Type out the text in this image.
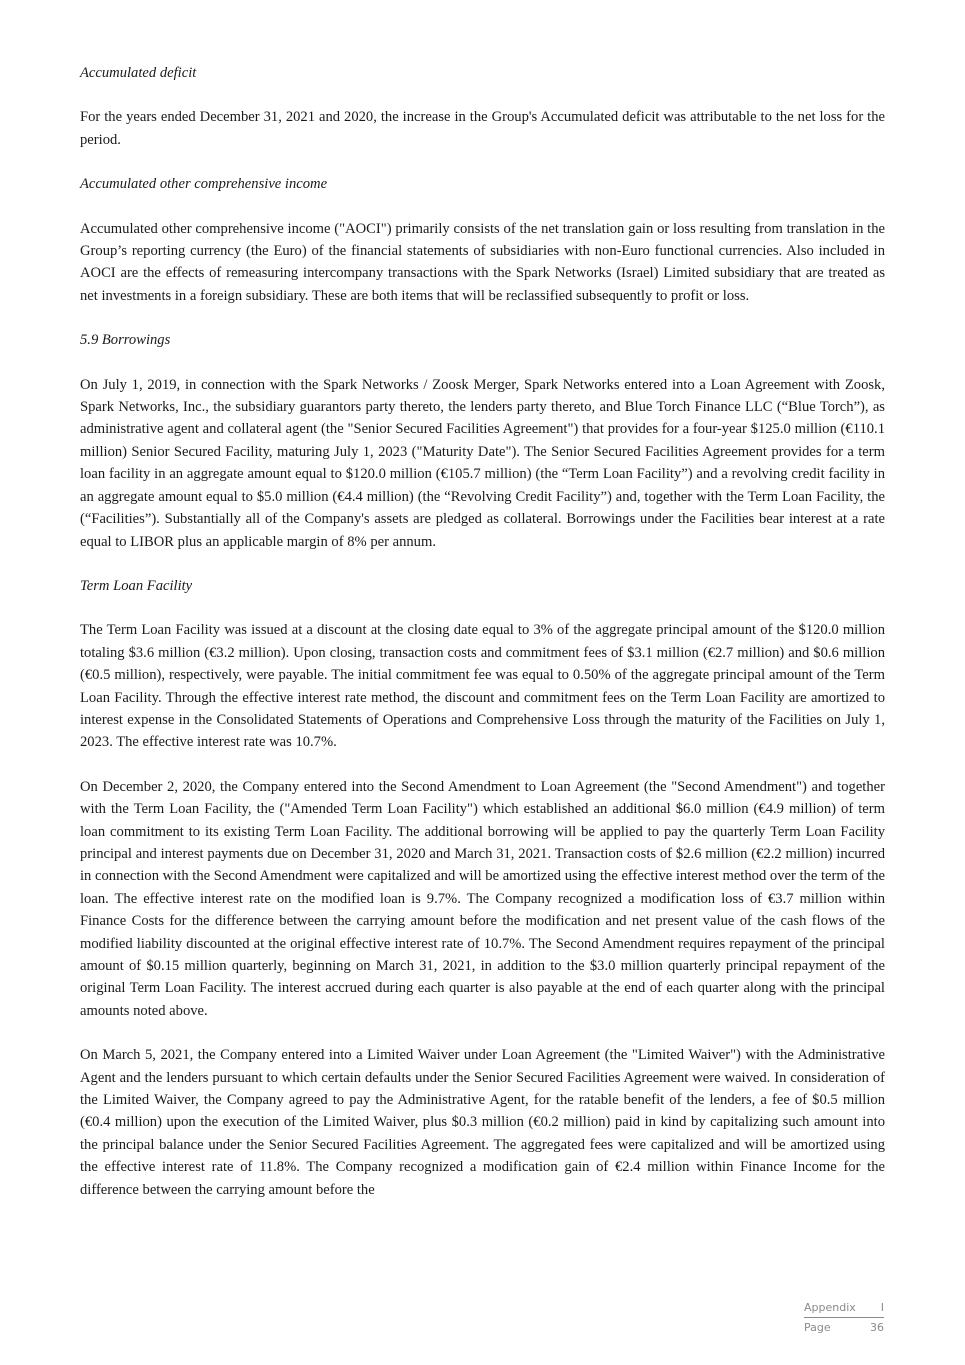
Accumulated deficit

For the years ended December 31, 2021 and 2020, the increase in the Group's Accumulated deficit was attributable to the net loss for the period.

Accumulated other comprehensive income

Accumulated other comprehensive income ("AOCI") primarily consists of the net translation gain or loss resulting from translation in the Group’s reporting currency (the Euro) of the financial statements of subsidiaries with non-Euro functional currencies. Also included in AOCI are the effects of remeasuring intercompany transactions with the Spark Networks (Israel) Limited subsidiary that are treated as net investments in a foreign subsidiary. These are both items that will be reclassified subsequently to profit or loss.

5.9 Borrowings

On July 1, 2019, in connection with the Spark Networks / Zoosk Merger, Spark Networks entered into a Loan Agreement with Zoosk, Spark Networks, Inc., the subsidiary guarantors party thereto, the lenders party thereto, and Blue Torch Finance LLC (“Blue Torch”), as administrative agent and collateral agent (the "Senior Secured Facilities Agreement") that provides for a four-year $125.0 million (€110.1 million) Senior Secured Facility, maturing July 1, 2023 ("Maturity Date"). The Senior Secured Facilities Agreement provides for a term loan facility in an aggregate amount equal to $120.0 million (€105.7 million) (the “Term Loan Facility”) and a revolving credit facility in an aggregate amount equal to $5.0 million (€4.4 million) (the “Revolving Credit Facility”) and, together with the Term Loan Facility, the (“Facilities”). Substantially all of the Company's assets are pledged as collateral. Borrowings under the Facilities bear interest at a rate equal to LIBOR plus an applicable margin of 8% per annum.

Term Loan Facility

The Term Loan Facility was issued at a discount at the closing date equal to 3% of the aggregate principal amount of the $120.0 million totaling $3.6 million (€3.2 million). Upon closing, transaction costs and commitment fees of $3.1 million (€2.7 million) and $0.6 million (€0.5 million), respectively, were payable. The initial commitment fee was equal to 0.50% of the aggregate principal amount of the Term Loan Facility. Through the effective interest rate method, the discount and commitment fees on the Term Loan Facility are amortized to interest expense in the Consolidated Statements of Operations and Comprehensive Loss through the maturity of the Facilities on July 1, 2023. The effective interest rate was 10.7%.

On December 2, 2020, the Company entered into the Second Amendment to Loan Agreement (the "Second Amendment") and together with the Term Loan Facility, the ("Amended Term Loan Facility") which established an additional $6.0 million (€4.9 million) of term loan commitment to its existing Term Loan Facility. The additional borrowing will be applied to pay the quarterly Term Loan Facility principal and interest payments due on December 31, 2020 and March 31, 2021. Transaction costs of $2.6 million (€2.2 million) incurred in connection with the Second Amendment were capitalized and will be amortized using the effective interest method over the term of the loan. The effective interest rate on the modified loan is 9.7%. The Company recognized a modification loss of €3.7 million within Finance Costs for the difference between the carrying amount before the modification and net present value of the cash flows of the modified liability discounted at the original effective interest rate of 10.7%. The Second Amendment requires repayment of the principal amount of $0.15 million quarterly, beginning on March 31, 2021, in addition to the $3.0 million quarterly principal repayment of the original Term Loan Facility. The interest accrued during each quarter is also payable at the end of each quarter along with the principal amounts noted above.

On March 5, 2021, the Company entered into a Limited Waiver under Loan Agreement (the "Limited Waiver") with the Administrative Agent and the lenders pursuant to which certain defaults under the Senior Secured Facilities Agreement were waived. In consideration of the Limited Waiver, the Company agreed to pay the Administrative Agent, for the ratable benefit of the lenders, a fee of $0.5 million (€0.4 million) upon the execution of the Limited Waiver, plus $0.3 million (€0.2 million) paid in kind by capitalizing such amount into the principal balance under the Senior Secured Facilities Agreement. The aggregated fees were capitalized and will be amortized using the effective interest rate of 11.8%. The Company recognized a modification gain of €2.4 million within Finance Income for the difference between the carrying amount before the

Appendix I
Page	36
